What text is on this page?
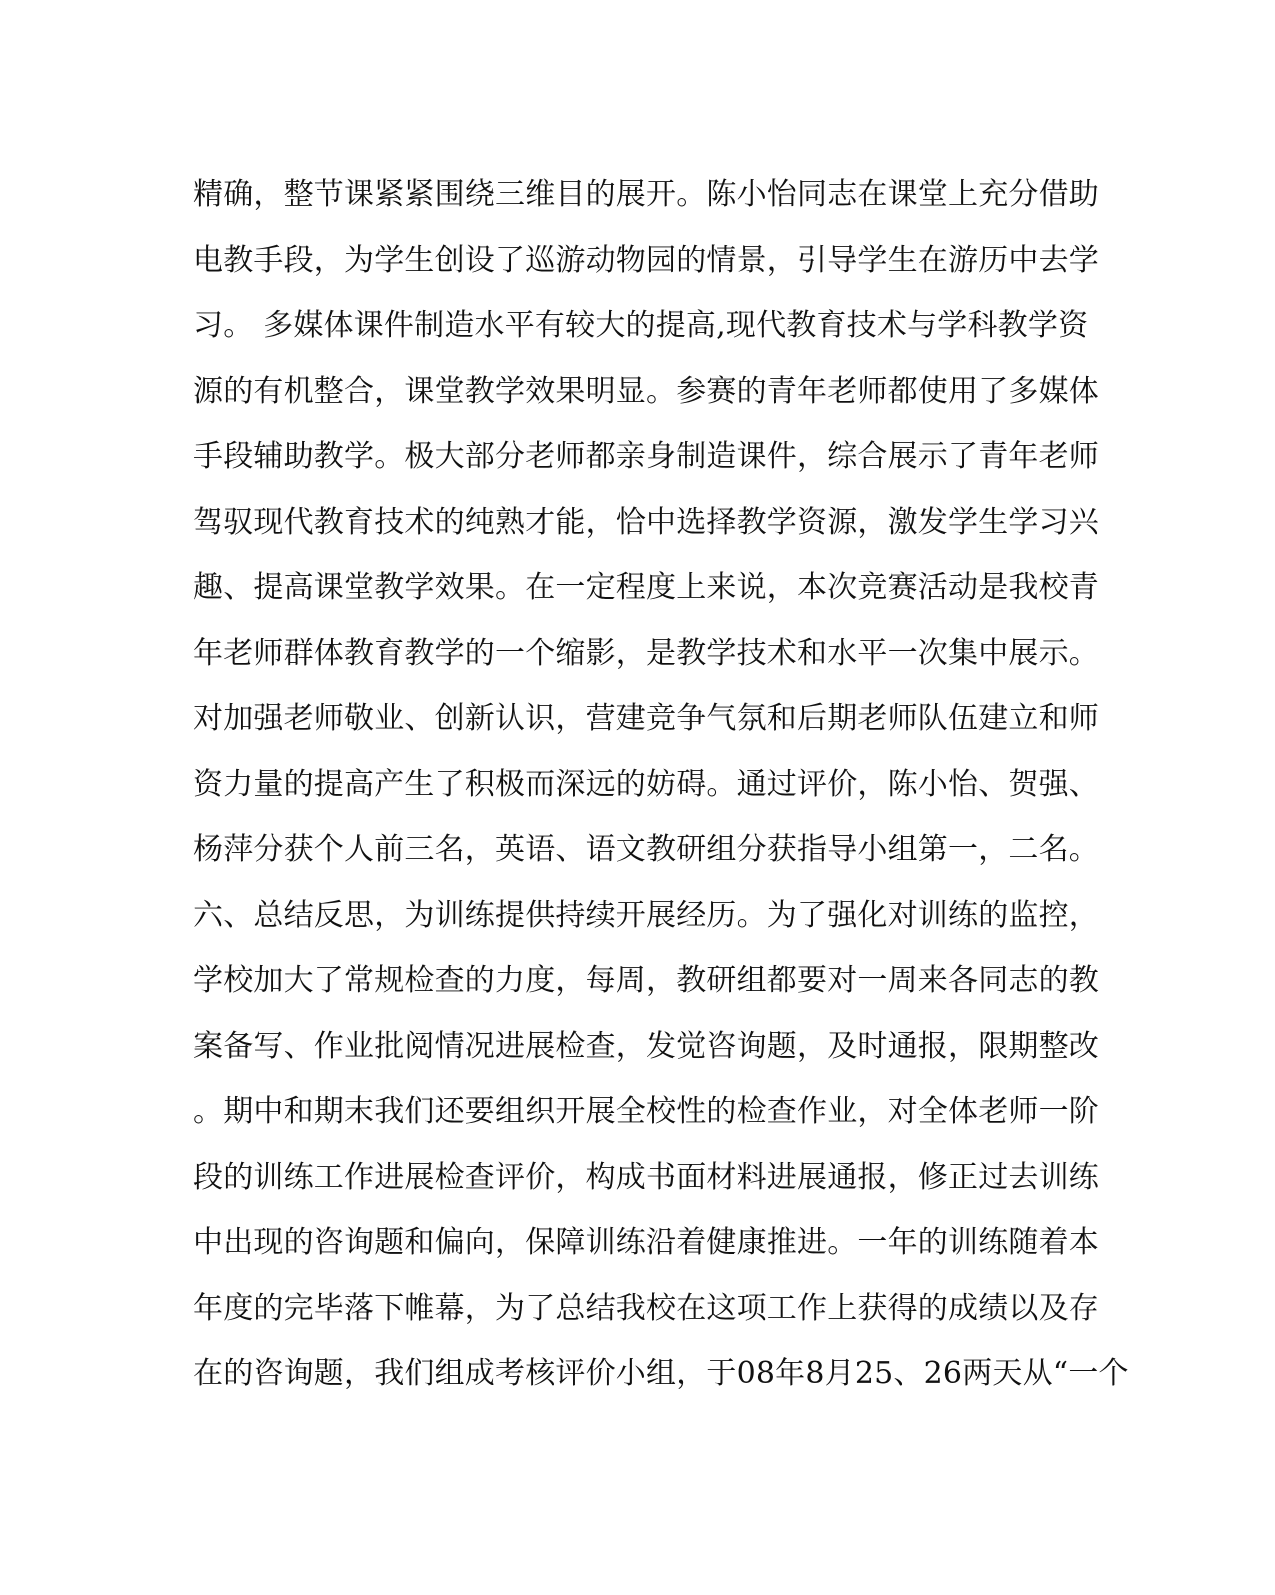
精确，整节课紧紧围绕三维目的展开。陈小怡同志在课堂上充分借助
电教手段，为学生创设了巡游动物园的情景，引导学生在游历中去学
习。 多媒体课件制造水平有较大的提高,现代教育技术与学科教学资
源的有机整合，课堂教学效果明显。参赛的青年老师都使用了多媒体
手段辅助教学。极大部分老师都亲身制造课件，综合展示了青年老师
驾驭现代教育技术的纯熟才能，恰中选择教学资源，激发学生学习兴
趣、提高课堂教学效果。在一定程度上来说，本次竞赛活动是我校青
年老师群体教育教学的一个缩影，是教学技术和水平一次集中展示。
对加强老师敬业、创新认识，营建竞争气氛和后期老师队伍建立和师
资力量的提高产生了积极而深远的妨碍。通过评价，陈小怡、贺强、
杨萍分获个人前三名，英语、语文教研组分获指导小组第一，二名。
六、总结反思，为训练提供持续开展经历。为了强化对训练的监控，
学校加大了常规检查的力度，每周，教研组都要对一周来各同志的教
案备写、作业批阅情况进展检查，发觉咨询题，及时通报，限期整改
。期中和期末我们还要组织开展全校性的检查作业，对全体老师一阶
段的训练工作进展检查评价，构成书面材料进展通报，修正过去训练
中出现的咨询题和偏向，保障训练沿着健康推进。一年的训练随着本
年度的完毕落下帷幕，为了总结我校在这项工作上获得的成绩以及存
在的咨询题，我们组成考核评价小组，于08年8月25、26两天从“一个
